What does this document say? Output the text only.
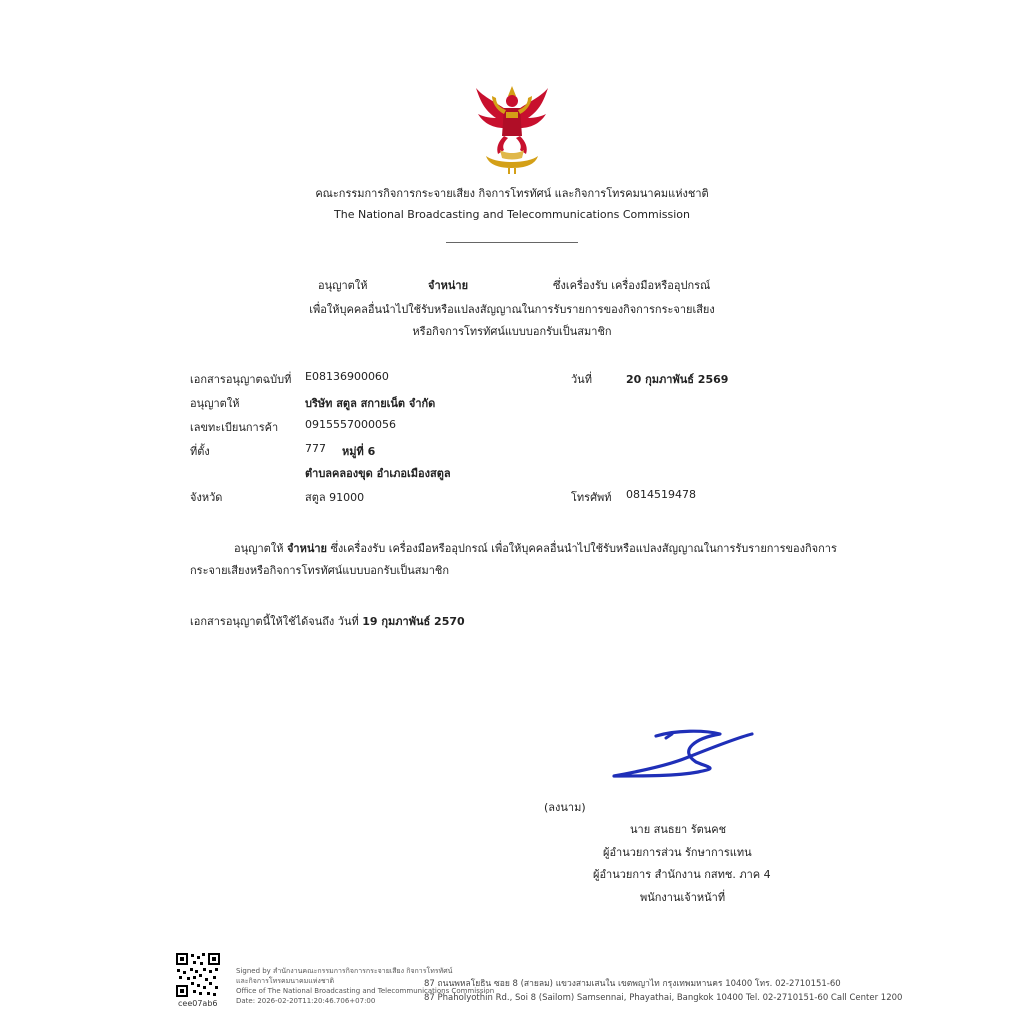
คณะกรรมการกิจการกระจายเสียง กิจการโทรทัศน์ และกิจการโทรคมนาคมแห่งชาติ
The National Broadcasting and Telecommunications Commission
อนุญาตให้	จำหน่าย	ซึ่งเครื่องรับ เครื่องมือหรืออุปกรณ์
เพื่อให้บุคคลอื่นนำไปใช้รับหรือแปลงสัญญาณในการรับรายการของกิจการกระจายเสียง
หรือกิจการโทรทัศน์แบบบอกรับเป็นสมาชิก
เอกสารอนุญาตฉบับที่ E08136900060	วันที่	20 กุมภาพันธ์ 2569
อนุญาตให้	บริษัท สตูล สกายเน็ต จำกัด
เลขทะเบียนการค้า 0915557000056
ที่ตั้ง	777 หมู่ที่ 6
ตำบลคลองขุด อำเภอเมืองสตูล
จังหวัด	สตูล 91000	โทรศัพท์ 0814519478
อนุญาตให้ จำหน่าย ซึ่งเครื่องรับ เครื่องมือหรืออุปกรณ์ เพื่อให้บุคคลอื่นนำไปใช้รับหรือแปลงสัญญาณในการรับรายการของกิจการ
กระจายเสียงหรือกิจการโทรทัศน์แบบบอกรับเป็นสมาชิก
เอกสารอนุญาตนี้ให้ใช้ได้จนถึง วันที่ 19 กุมภาพันธ์ 2570
(ลงนาม)
นาย สนธยา รัตนคช
ผู้อำนวยการส่วน รักษาการแทน
ผู้อำนวยการ สำนักงาน กสทช. ภาค 4
พนักงานเจ้าหน้าที่
cee07ab6
Signed by สำนักงานคณะกรรมการกิจการกระจายเสียง กิจการโทรทัศน์
และกิจการโทรคมนาคมแห่งชาติ
Office of The National Broadcasting and Telecommunications Commission
Date: 2026-02-20T11:20:46.706+07:00
87 ถนนพหลโยธิน ซอย 8 (สายลม) แขวงสามเสนใน เขตพญาไท กรุงเทพมหานคร 10400 โทร. 02-2710151-60
87 Phaholyothin Rd., Soi 8 (Sailom) Samsennai, Phayathai, Bangkok 10400 Tel. 02-2710151-60 Call Center 1200
